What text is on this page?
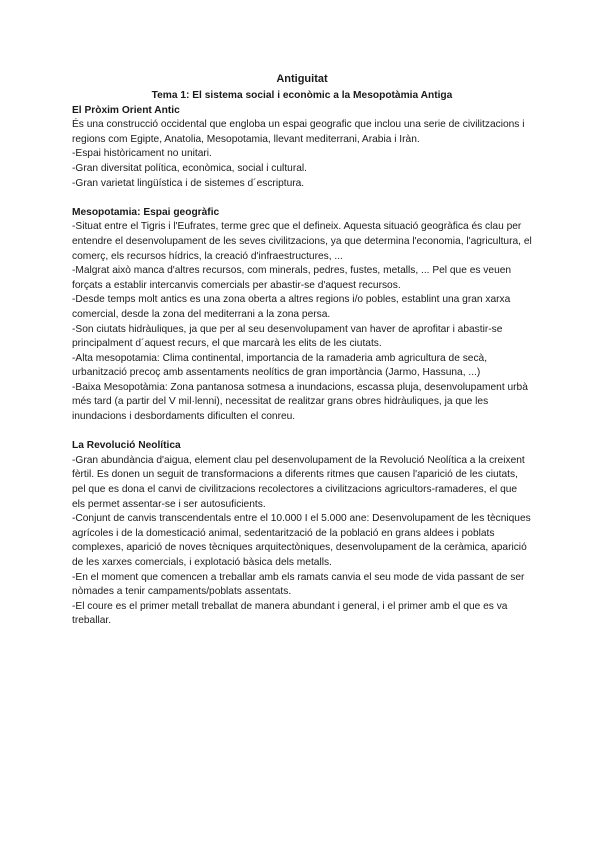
Antiguitat

Tema 1: El sistema social i econòmic a la Mesopotàmia Antiga

El Pròxim Orient Antic

És una construcció occidental que engloba un espai geografic que inclou una serie de civilitzacions i regions com Egipte, Anatolia, Mesopotamia, llevant mediterrani, Arabia i Iràn.

-Espai històricament no unitari.

-Gran diversitat política, econòmica, social i cultural.

-Gran varietat lingüística i de sistemes d´escriptura.

Mesopotamia: Espai geogràfic

-Situat entre el Tigris i l'Eufrates, terme grec que el defineix. Aquesta situació geogràfica és clau per entendre el desenvolupament de les seves civilitzacions, ya que determina l'economia, l'agricultura, el comerç, els recursos hídrics, la creació d'infraestructures, ...

-Malgrat això manca d'altres recursos, com minerals, pedres, fustes, metalls, ... Pel que es veuen forçats a establir intercanvis comercials per abastir-se d'aquest recursos.

-Desde temps molt antics es una zona oberta a altres regions i/o pobles, establint una gran xarxa comercial, desde la zona del mediterrani a la zona persa.

-Son ciutats hidràuliques, ja que per al seu desenvolupament van haver de aprofitar i abastir-se principalment d´aquest recurs, el que marcarà les elits de les ciutats.

-Alta mesopotamia: Clima continental, importancia de la ramaderia amb agricultura de secà, urbanització precoç amb assentaments neolítics de gran importància (Jarmo, Hassuna, ...)

-Baixa Mesopotàmia: Zona pantanosa sotmesa a inundacions, escassa pluja, desenvolupament urbà més tard (a partir del V mil·lenni), necessitat de realitzar grans obres hidràuliques, ja que les inundacions i desbordaments dificulten el conreu.

La Revolució Neolítica

-Gran abundància d'aigua, element clau pel desenvolupament de la Revolució Neolítica a la creixent fèrtil. Es donen un seguit de transformacions a diferents ritmes que causen l'aparició de les ciutats, pel que es dona el canvi de civilitzacions recolectores a civilitzacions agricultors-ramaderes, el que els permet assentar-se i ser autosuficients.

-Conjunt de canvis transcendentals entre el 10.000 I el 5.000 ane: Desenvolupament de les tècniques agrícoles i de la domesticació animal, sedentarització de la població en grans aldees i poblats complexes, aparició de noves tècniques arquitectòniques, desenvolupament de la ceràmica, aparició de les xarxes comercials, i explotació bàsica dels metalls.

-En el moment que comencen a treballar amb els ramats canvia el seu mode de vida passant de ser nòmades a tenir campaments/poblats assentats.

-El coure es el primer metall treballat de manera abundant i general, i el primer amb el que es va treballar.
